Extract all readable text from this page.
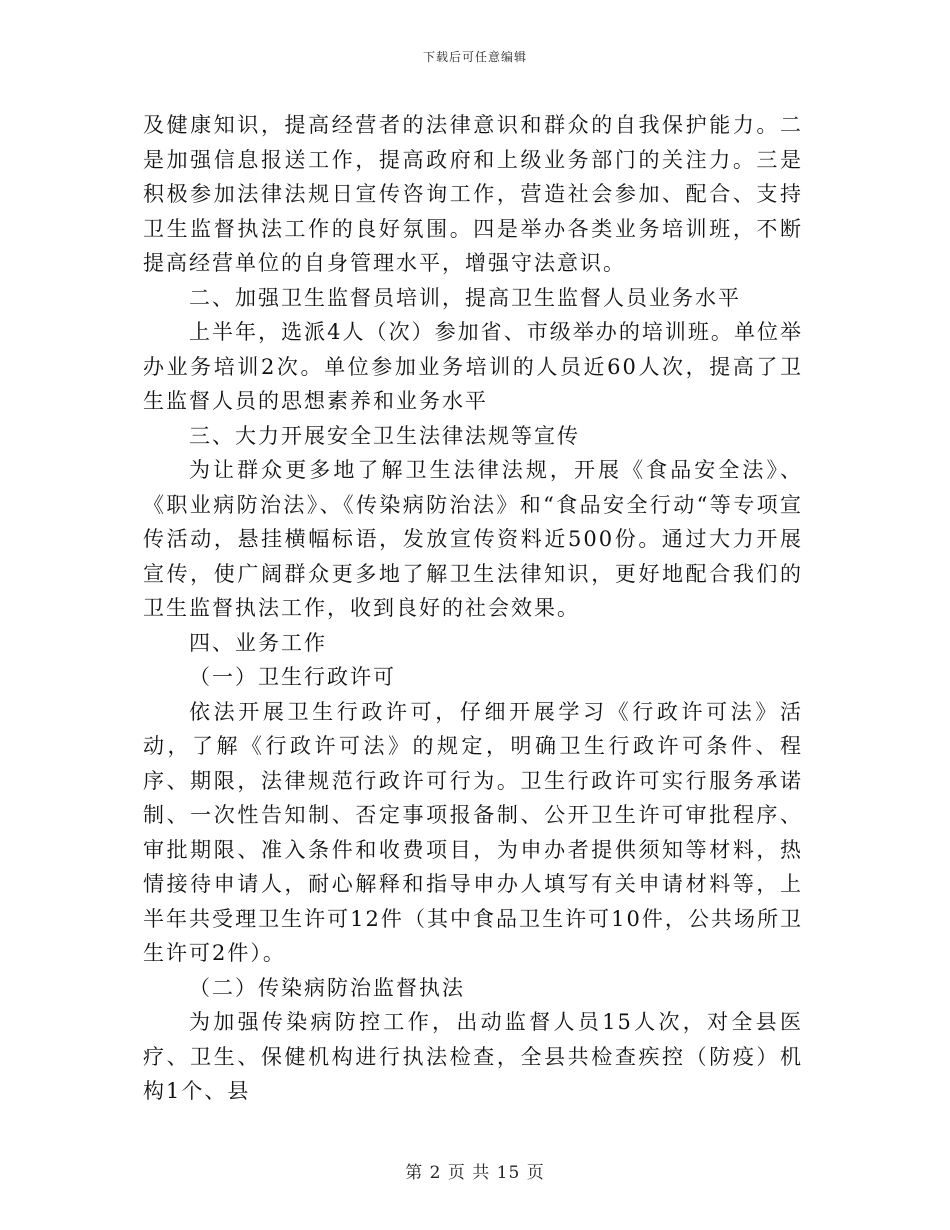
下载后可任意编辑

及健康知识，提高经营者的法律意识和群众的自我保护能力。二是加强信息报送工作，提高政府和上级业务部门的关注力。三是积极参加法律法规日宣传咨询工作，营造社会参加、配合、支持卫生监督执法工作的良好氛围。四是举办各类业务培训班，不断提高经营单位的自身管理水平，增强守法意识。

二、加强卫生监督员培训，提高卫生监督人员业务水平

上半年，选派4人（次）参加省、市级举办的培训班。单位举办业务培训2次。单位参加业务培训的人员近60人次，提高了卫生监督人员的思想素养和业务水平

三、大力开展安全卫生法律法规等宣传

为让群众更多地了解卫生法律法规，开展《食品安全法》、《职业病防治法》、《传染病防治法》和“食品安全行动“等专项宣传活动，悬挂横幅标语，发放宣传资料近500份。通过大力开展宣传，使广阔群众更多地了解卫生法律知识，更好地配合我们的卫生监督执法工作，收到良好的社会效果。

四、业务工作

（一）卫生行政许可

依法开展卫生行政许可，仔细开展学习《行政许可法》活动，了解《行政许可法》的规定，明确卫生行政许可条件、程序、期限，法律规范行政许可行为。卫生行政许可实行服务承诺制、一次性告知制、否定事项报备制、公开卫生许可审批程序、审批期限、准入条件和收费项目，为申办者提供须知等材料，热情接待申请人，耐心解释和指导申办人填写有关申请材料等，上半年共受理卫生许可12件（其中食品卫生许可10件，公共场所卫生许可2件）。

（二）传染病防治监督执法

为加强传染病防控工作，出动监督人员15人次，对全县医疗、卫生、保健机构进行执法检查，全县共检查疾控（防疫）机构1个、县

第 2 页 共 15 页
